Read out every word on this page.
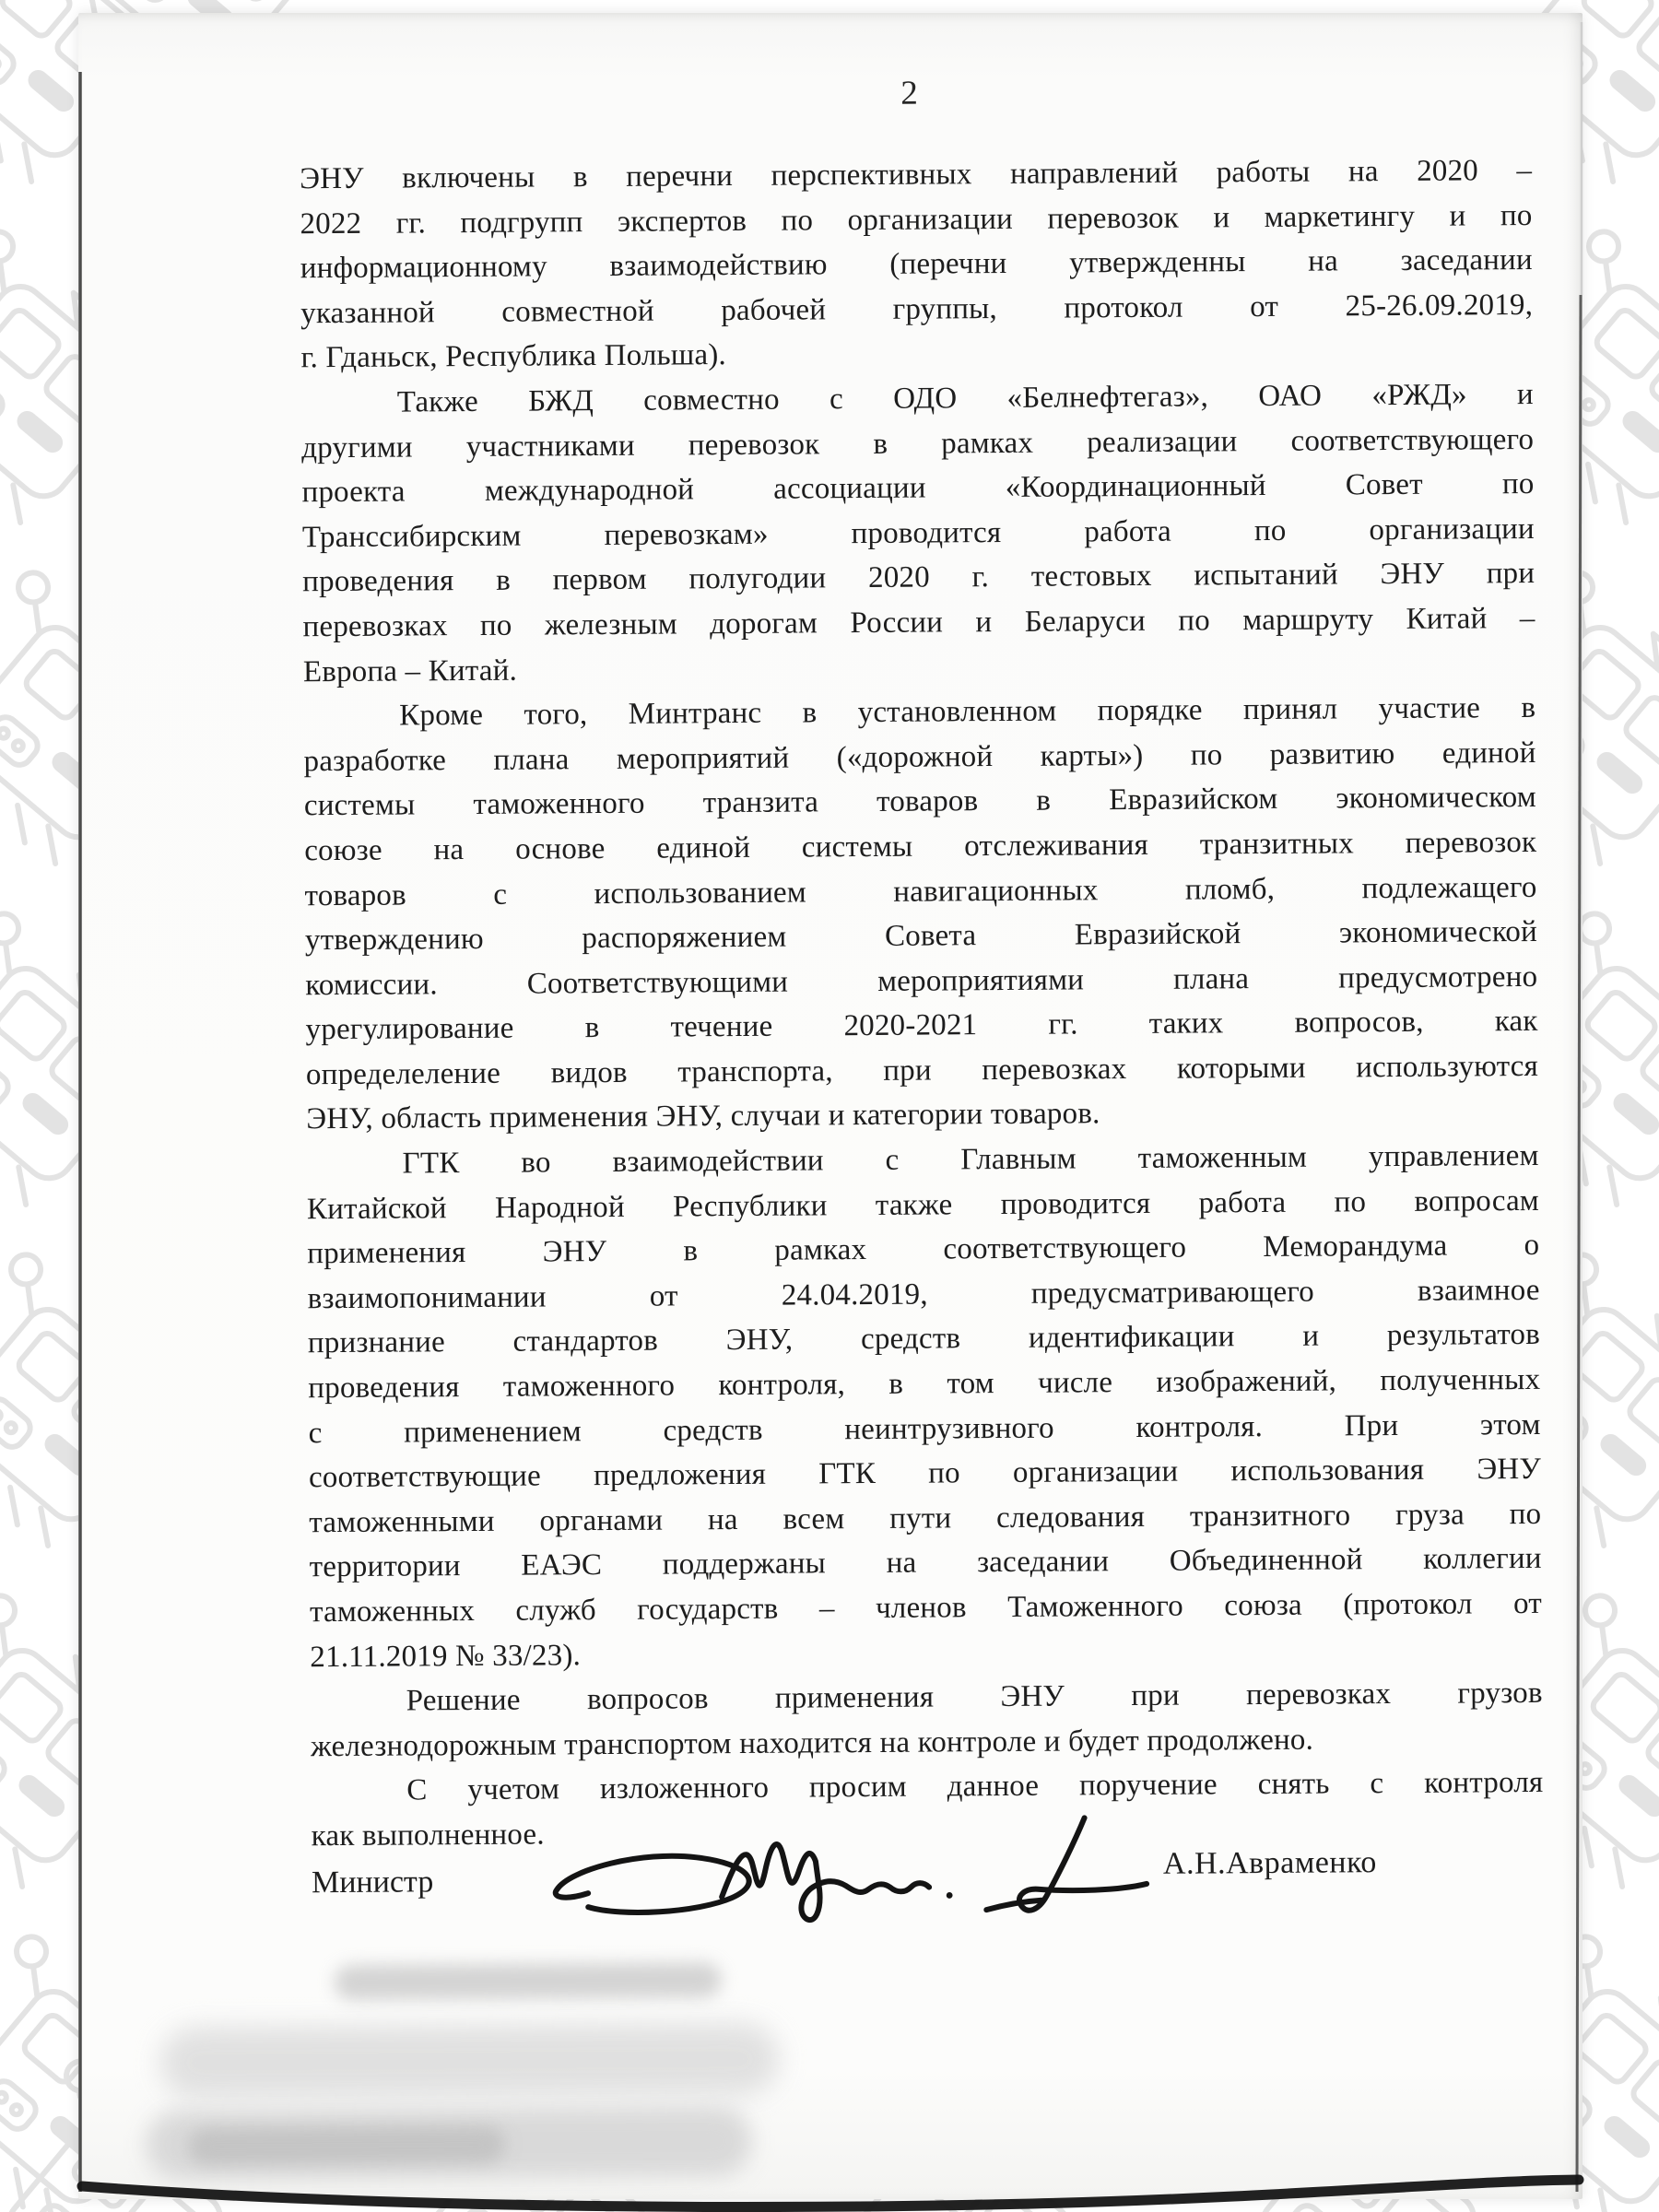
2
ЭНУ включены в перечни перспективных направлений работы на 2020 –
2022 гг. подгрупп экспертов по организации перевозок и маркетингу и по
информационному взаимодействию (перечни утвержденны на заседании
указанной совместной рабочей группы, протокол от 25-26.09.2019,
г. Гданьск, Республика Польша).
Также БЖД совместно с ОДО «Белнефтегаз», ОАО «РЖД» и
другими участниками перевозок в рамках реализации соответствующего
проекта международной ассоциации «Координационный Совет по
Транссибирским перевозкам» проводится работа по организации
проведения в первом полугодии 2020 г. тестовых испытаний ЭНУ при
перевозках по железным дорогам России и Беларуси по маршруту Китай –
Европа – Китай.
Кроме того, Минтранс в установленном порядке принял участие в
разработке плана мероприятий («дорожной карты») по развитию единой
системы таможенного транзита товаров в Евразийском экономическом
союзе на основе единой системы отслеживания транзитных перевозок
товаров с использованием навигационных пломб, подлежащего
утверждению распоряжением Совета Евразийской экономической
комиссии. Соответствующими мероприятиями плана предусмотрено
урегулирование в течение 2020-2021 гг. таких вопросов, как
определеление видов транспорта, при перевозках которыми используются
ЭНУ, область применения ЭНУ, случаи и категории товаров.
ГТК во взаимодействии с Главным таможенным управлением
Китайской Народной Республики также проводится работа по вопросам
применения ЭНУ в рамках соответствующего Меморандума о
взаимопонимании от 24.04.2019, предусматривающего взаимное
признание стандартов ЭНУ, средств идентификации и результатов
проведения таможенного контроля, в том числе изображений, полученных
с применением средств неинтрузивного контроля. При этом
соответствующие предложения ГТК по организации использования ЭНУ
таможенными органами на всем пути следования транзитного груза по
территории ЕАЭС поддержаны на заседании Объединенной коллегии
таможенных служб государств – членов Таможенного союза (протокол от
21.11.2019 № 33/23).
Решение вопросов применения ЭНУ при перевозках грузов
железнодорожным транспортом находится на контроле и будет продолжено.
С учетом изложенного просим данное поручение снять с контроля
как выполненное.
Министр
А.Н.Авраменко
